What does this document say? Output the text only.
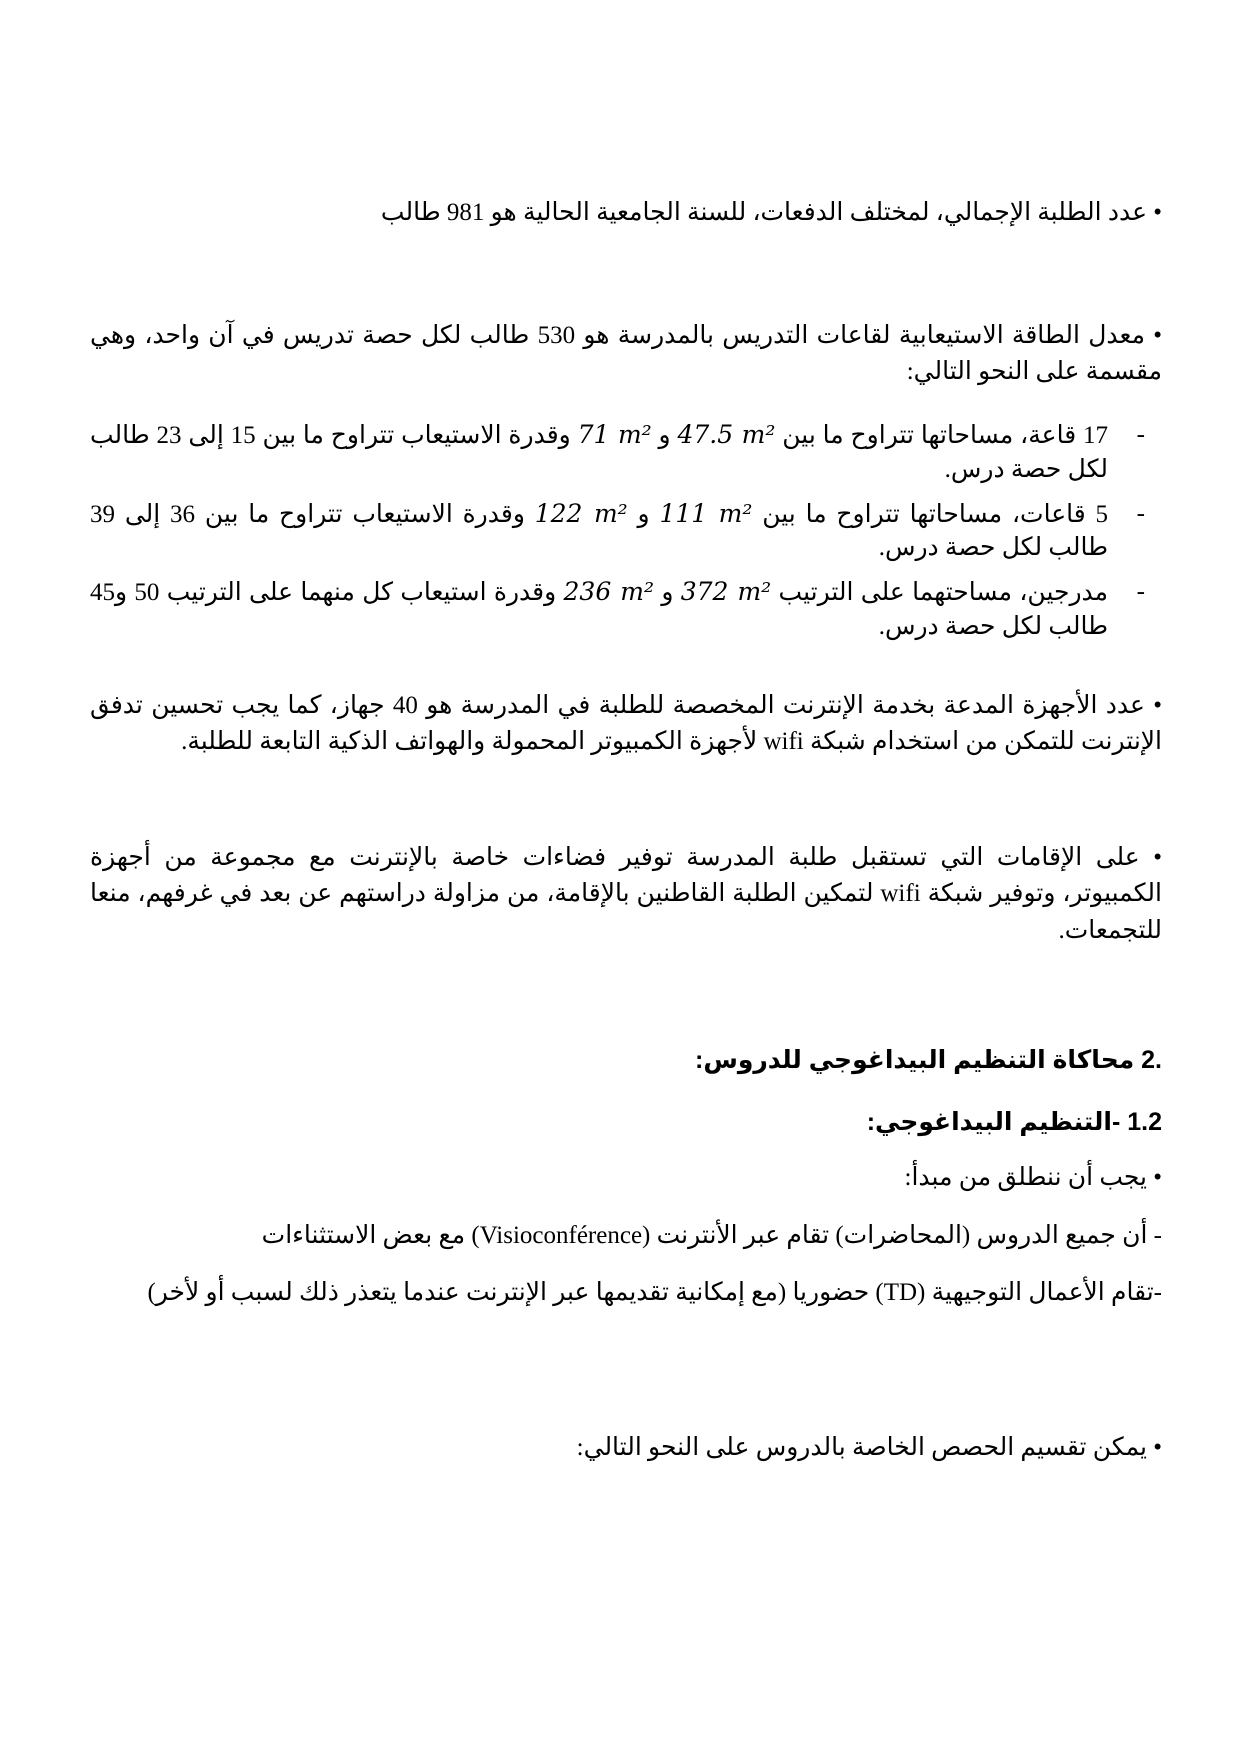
• عدد الطلبة الإجمالي، لمختلف الدفعات، للسنة الجامعية الحالية هو 981 طالب
• معدل الطاقة الاستيعابية لقاعات التدريس بالمدرسة هو 530 طالب لكل حصة تدريس في آن واحد، وهي مقسمة على النحو التالي:
-
17 قاعة، مساحاتها تتراوح ما بين 47.5 m² و 71 m² وقدرة الاستيعاب تتراوح ما بين 15 إلى 23 طالب لكل حصة درس.
-
5 قاعات، مساحاتها تتراوح ما بين 111 m² و 122 m² وقدرة الاستيعاب تتراوح ما بين 36 إلى 39 طالب لكل حصة درس.
-
مدرجين، مساحتهما على الترتيب 372 m² و 236 m² وقدرة استيعاب كل منهما على الترتيب 50 و45 طالب لكل حصة درس.
• عدد الأجهزة المدعة بخدمة الإنترنت المخصصة للطلبة في المدرسة هو 40 جهاز، كما يجب تحسين تدفق الإنترنت للتمكن من استخدام شبكة wifi لأجهزة الكمبيوتر المحمولة والهواتف الذكية التابعة للطلبة.
• على الإقامات التي تستقبل طلبة المدرسة توفير فضاءات خاصة بالإنترنت مع مجموعة من أجهزة الكمبيوتر، وتوفير شبكة wifi لتمكين الطلبة القاطنين بالإقامة، من مزاولة دراستهم عن بعد في غرفهم، منعا للتجمعات.
.2 محاكاة التنظيم البيداغوجي للدروس:
1.2 -التنظيم البيداغوجي:
• يجب أن ننطلق من مبدأ:
- أن جميع الدروس (المحاضرات) تقام عبر الأنترنت (Visioconférence) مع بعض الاستثناءات
-تقام الأعمال التوجيهية (TD) حضوريا (مع إمكانية تقديمها عبر الإنترنت عندما يتعذر ذلك لسبب أو لأخر)
• يمكن تقسيم الحصص الخاصة بالدروس على النحو التالي:
